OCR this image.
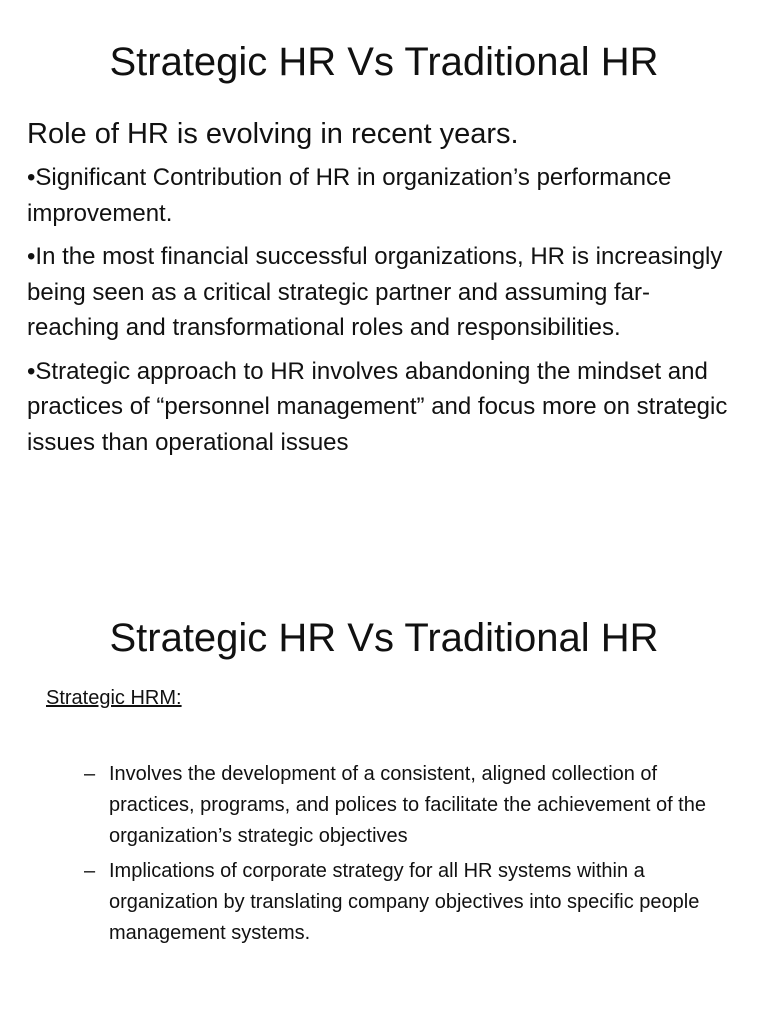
Strategic HR Vs Traditional HR

Role of HR is evolving in recent years.

•Significant Contribution of HR in organization’s performance improvement.
•In the most financial successful organizations, HR is increasingly being seen as a critical strategic partner and assuming far-reaching and transformational roles and responsibilities.
•Strategic approach to HR involves abandoning the mindset and practices of “personnel management” and focus more on strategic issues than operational issues
Strategic HR Vs Traditional HR

Strategic HRM:

– Involves the development of a consistent, aligned collection of practices, programs, and polices to facilitate the achievement of the organization’s strategic objectives
– Implications of corporate strategy for all HR systems within a organization by translating company objectives into specific people management systems.
